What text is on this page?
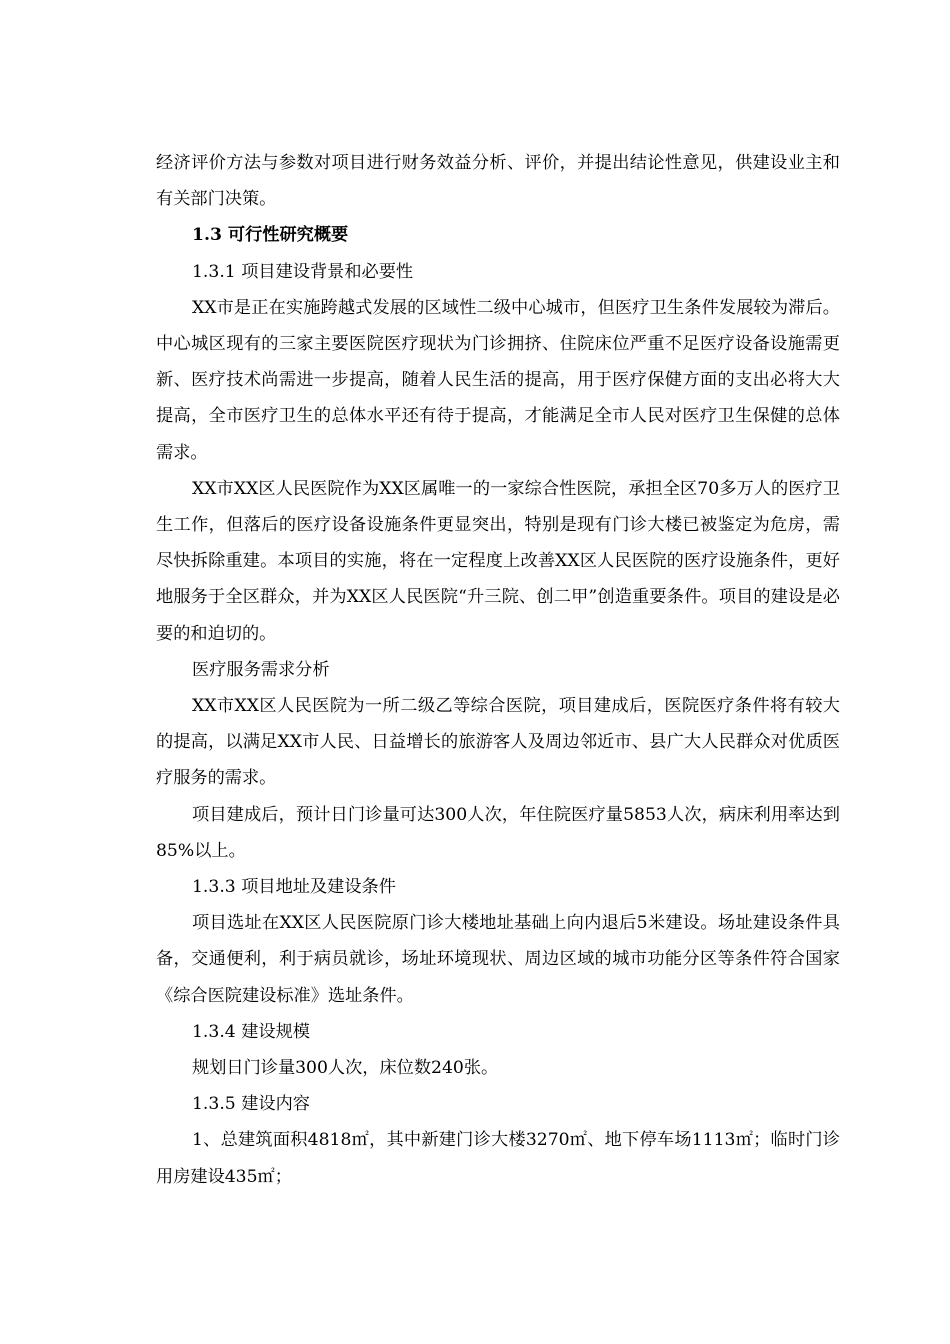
经济评价方法与参数对项目进行财务效益分析、评价，并提出结论性意见，供建设业主和有关部门决策。

1.3 可行性研究概要

1.3.1 项目建设背景和必要性

XX市是正在实施跨越式发展的区域性二级中心城市，但医疗卫生条件发展较为滞后。中心城区现有的三家主要医院医疗现状为门诊拥挤、住院床位严重不足医疗设备设施需更新、医疗技术尚需进一步提高，随着人民生活的提高，用于医疗保健方面的支出必将大大提高，全市医疗卫生的总体水平还有待于提高，才能满足全市人民对医疗卫生保健的总体需求。

XX市XX区人民医院作为XX区属唯一的一家综合性医院，承担全区70多万人的医疗卫生工作，但落后的医疗设备设施条件更显突出，特别是现有门诊大楼已被鉴定为危房，需尽快拆除重建。本项目的实施，将在一定程度上改善XX区人民医院的医疗设施条件，更好地服务于全区群众，并为XX区人民医院“升三院、创二甲”创造重要条件。项目的建设是必要的和迫切的。

医疗服务需求分析

XX市XX区人民医院为一所二级乙等综合医院，项目建成后，医院医疗条件将有较大的提高，以满足XX市人民、日益增长的旅游客人及周边邻近市、县广大人民群众对优质医疗服务的需求。

项目建成后，预计日门诊量可达300人次，年住院医疗量5853人次，病床利用率达到85%以上。

1.3.3 项目地址及建设条件

项目选址在XX区人民医院原门诊大楼地址基础上向内退后5米建设。场址建设条件具备，交通便利，利于病员就诊，场址环境现状、周边区域的城市功能分区等条件符合国家《综合医院建设标准》选址条件。

1.3.4 建设规模

规划日门诊量300人次，床位数240张。

1.3.5 建设内容

1、总建筑面积4818㎡，其中新建门诊大楼3270㎡、地下停车场1113㎡；临时门诊用房建设435㎡；
